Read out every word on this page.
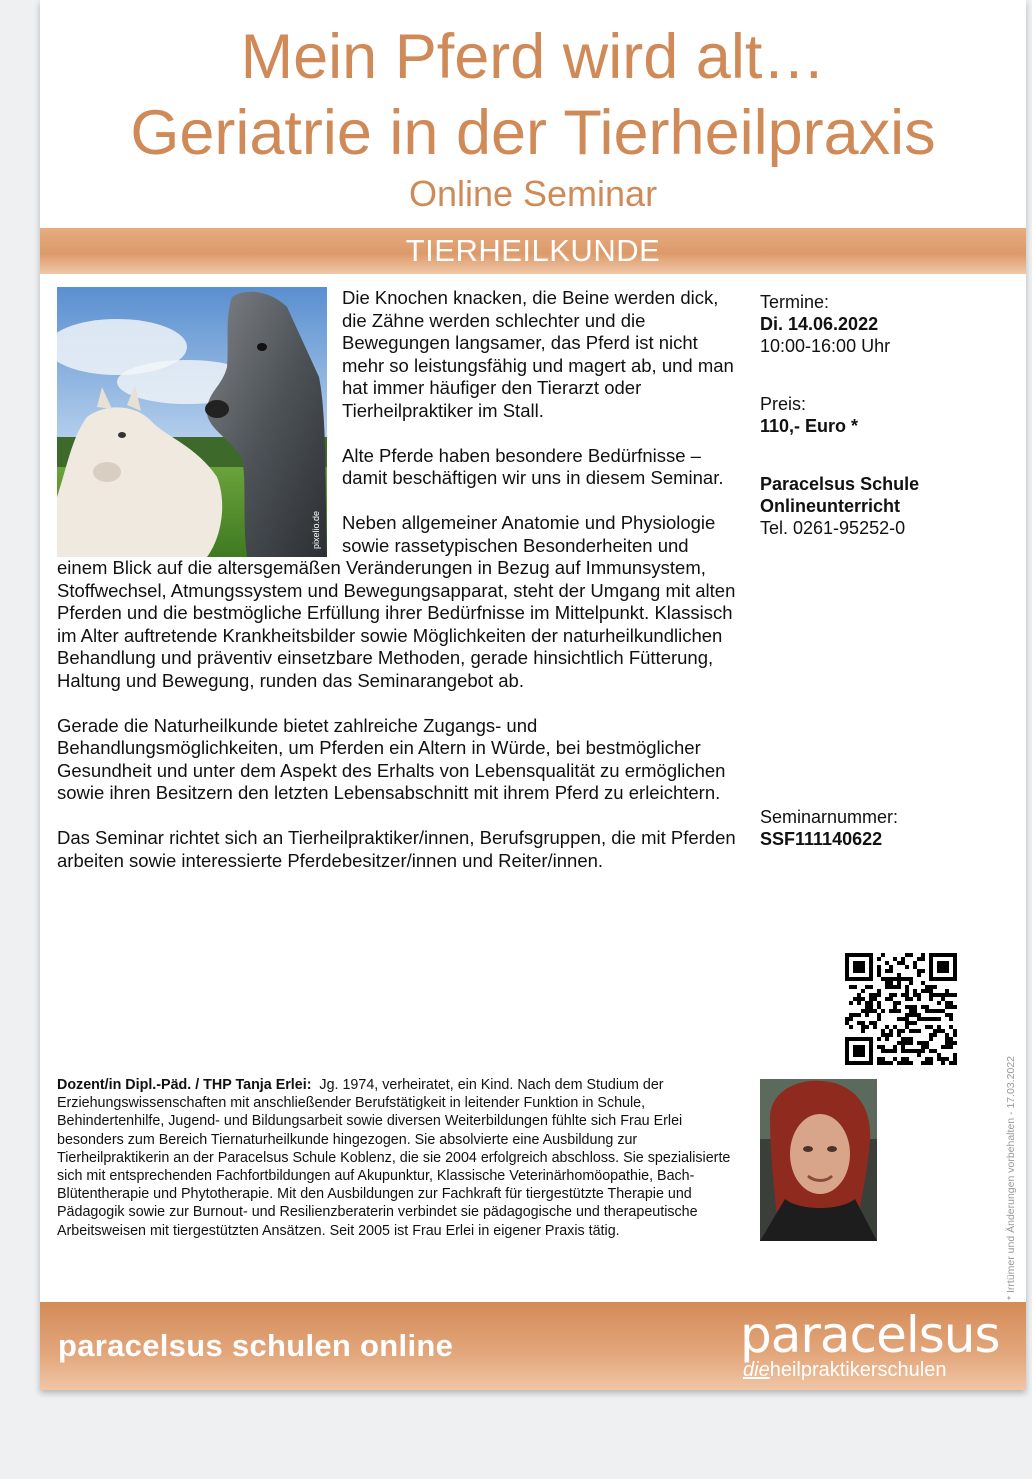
Mein Pferd wird alt…
Geriatrie in der Tierheilpraxis
Online Seminar
TIERHEILKUNDE
pixelio.de

Die Knochen knacken, die Beine werden dick, die Zähne werden schlechter und die Bewegungen langsamer, das Pferd ist nicht mehr so leistungsfähig und magert ab, und man hat immer häufiger den Tierarzt oder Tierheilpraktiker im Stall.

Alte Pferde haben besondere Bedürfnisse – damit beschäftigen wir uns in diesem Seminar.

Neben allgemeiner Anatomie und Physiologie sowie rassetypischen Besonderheiten und einem Blick auf die altersgemäßen Veränderungen in Bezug auf Immunsystem, Stoffwechsel, Atmungssystem und Bewegungsapparat, steht der Umgang mit alten Pferden und die bestmögliche Erfüllung ihrer Bedürfnisse im Mittelpunkt. Klassisch im Alter auftretende Krankheitsbilder sowie Möglichkeiten der naturheilkundlichen Behandlung und präventiv einsetzbare Methoden, gerade hinsichtlich Fütterung, Haltung und Bewegung, runden das Seminarangebot ab.

Gerade die Naturheilkunde bietet zahlreiche Zugangs- und Behandlungsmöglichkeiten, um Pferden ein Altern in Würde, bei bestmöglicher Gesundheit und unter dem Aspekt des Erhalts von Lebensqualität zu ermöglichen sowie ihren Besitzern den letzten Lebensabschnitt mit ihrem Pferd zu erleichtern.

Das Seminar richtet sich an Tierheilpraktiker/innen, Berufsgruppen, die mit Pferden arbeiten sowie interessierte Pferdebesitzer/innen und Reiter/innen.

Termine:
Di. 14.06.2022
10:00-16:00 Uhr
Preis:
110,- Euro *
Paracelsus Schule
Onlineunterricht
Tel. 0261-95252-0
Seminarnummer:
SSF111140622
Dozent/in Dipl.-Päd. / THP Tanja Erlei: Jg. 1974, verheiratet, ein Kind. Nach dem Studium der Erziehungswissenschaften mit anschließender Berufstätigkeit in leitender Funktion in Schule, Behindertenhilfe, Jugend- und Bildungsarbeit sowie diversen Weiterbildungen fühlte sich Frau Erlei besonders zum Bereich Tiernaturheilkunde hingezogen. Sie absolvierte eine Ausbildung zur Tierheilpraktikerin an der Paracelsus Schule Koblenz, die sie 2004 erfolgreich abschloss. Sie spezialisierte sich mit entsprechenden Fachfortbildungen auf Akupunktur, Klassische Veterinärhomöopathie, Bach-Blütentherapie und Phytotherapie. Mit den Ausbildungen zur Fachkraft für tiergestützte Therapie und Pädagogik sowie zur Burnout- und Resilienzberaterin verbindet sie pädagogische und therapeutische Arbeitsweisen mit tiergestützten Ansätzen. Seit 2005 ist Frau Erlei in eigener Praxis tätig.
paracelsus schulen online	paracelsus
dieheilpraktikerschulen
* Irrtümer und Änderungen vorbehalten - 17.03.2022
